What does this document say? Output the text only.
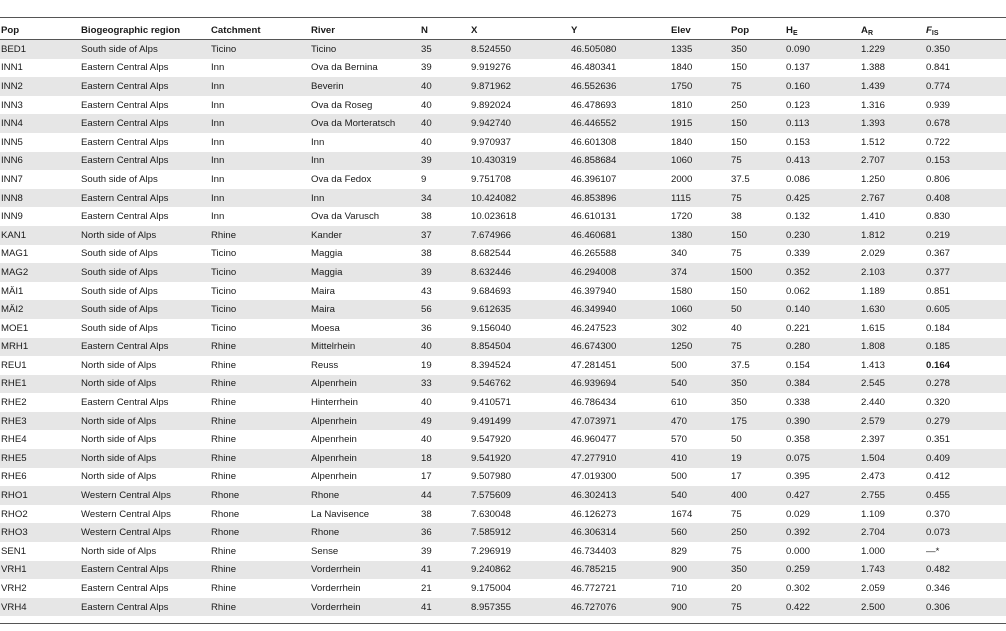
Pop	Biogeographic region	Catchment	River	N	X	Y	Elev	Pop	$H_E$	$A_R$	$F_{IS}$
BED1	South side of Alps	Ticino	Ticino	35	8.524550	46.505080	1335	350	0.090	1.229	0.350
INN1	Eastern Central Alps	Inn	Ova da Bernina	39	9.919276	46.480341	1840	150	0.137	1.388	0.841
INN2	Eastern Central Alps	Inn	Beverin	40	9.871962	46.552636	1750	75	0.160	1.439	0.774
INN3	Eastern Central Alps	Inn	Ova da Roseg	40	9.892024	46.478693	1810	250	0.123	1.316	0.939
INN4	Eastern Central Alps	Inn	Ova da Morteratsch	40	9.942740	46.446552	1915	150	0.113	1.393	0.678
INN5	Eastern Central Alps	Inn	Inn	40	9.970937	46.601308	1840	150	0.153	1.512	0.722
INN6	Eastern Central Alps	Inn	Inn	39	10.430319	46.858684	1060	75	0.413	2.707	0.153
INN7	South side of Alps	Inn	Ova da Fedox	9	9.751708	46.396107	2000	37.5	0.086	1.250	0.806
INN8	Eastern Central Alps	Inn	Inn	34	10.424082	46.853896	1115	75	0.425	2.767	0.408
INN9	Eastern Central Alps	Inn	Ova da Varusch	38	10.023618	46.610131	1720	38	0.132	1.410	0.830
KAN1	North side of Alps	Rhine	Kander	37	7.674966	46.460681	1380	150	0.230	1.812	0.219
MAG1	South side of Alps	Ticino	Maggia	38	8.682544	46.265588	340	75	0.339	2.029	0.367
MAG2	South side of Alps	Ticino	Maggia	39	8.632446	46.294008	374	1500	0.352	2.103	0.377
MÄI1	South side of Alps	Ticino	Maira	43	9.684693	46.397940	1580	150	0.062	1.189	0.851
MÄI2	South side of Alps	Ticino	Maira	56	9.612635	46.349940	1060	50	0.140	1.630	0.605
MOE1	South side of Alps	Ticino	Moesa	36	9.156040	46.247523	302	40	0.221	1.615	0.184
MRH1	Eastern Central Alps	Rhine	Mittelrhein	40	8.854504	46.674300	1250	75	0.280	1.808	0.185
REU1	North side of Alps	Rhine	Reuss	19	8.394524	47.281451	500	37.5	0.154	1.413	0.164
RHE1	North side of Alps	Rhine	Alpenrhein	33	9.546762	46.939694	540	350	0.384	2.545	0.278
RHE2	Eastern Central Alps	Rhine	Hinterrhein	40	9.410571	46.786434	610	350	0.338	2.440	0.320
RHE3	North side of Alps	Rhine	Alpenrhein	49	9.491499	47.073971	470	175	0.390	2.579	0.279
RHE4	North side of Alps	Rhine	Alpenrhein	40	9.547920	46.960477	570	50	0.358	2.397	0.351
RHE5	North side of Alps	Rhine	Alpenrhein	18	9.541920	47.277910	410	19	0.075	1.504	0.409
RHE6	North side of Alps	Rhine	Alpenrhein	17	9.507980	47.019300	500	17	0.395	2.473	0.412
RHO1	Western Central Alps	Rhone	Rhone	44	7.575609	46.302413	540	400	0.427	2.755	0.455
RHO2	Western Central Alps	Rhone	La Navisence	38	7.630048	46.126273	1674	75	0.029	1.109	0.370
RHO3	Western Central Alps	Rhone	Rhone	36	7.585912	46.306314	560	250	0.392	2.704	0.073
SEN1	North side of Alps	Rhine	Sense	39	7.296919	46.734403	829	75	0.000	1.000	—*
VRH1	Eastern Central Alps	Rhine	Vorderrhein	41	9.240862	46.785215	900	350	0.259	1.743	0.482
VRH2	Eastern Central Alps	Rhine	Vorderrhein	21	9.175004	46.772721	710	20	0.302	2.059	0.346
VRH4	Eastern Central Alps	Rhine	Vorderrhein	41	8.957355	46.727076	900	75	0.422	2.500	0.306
